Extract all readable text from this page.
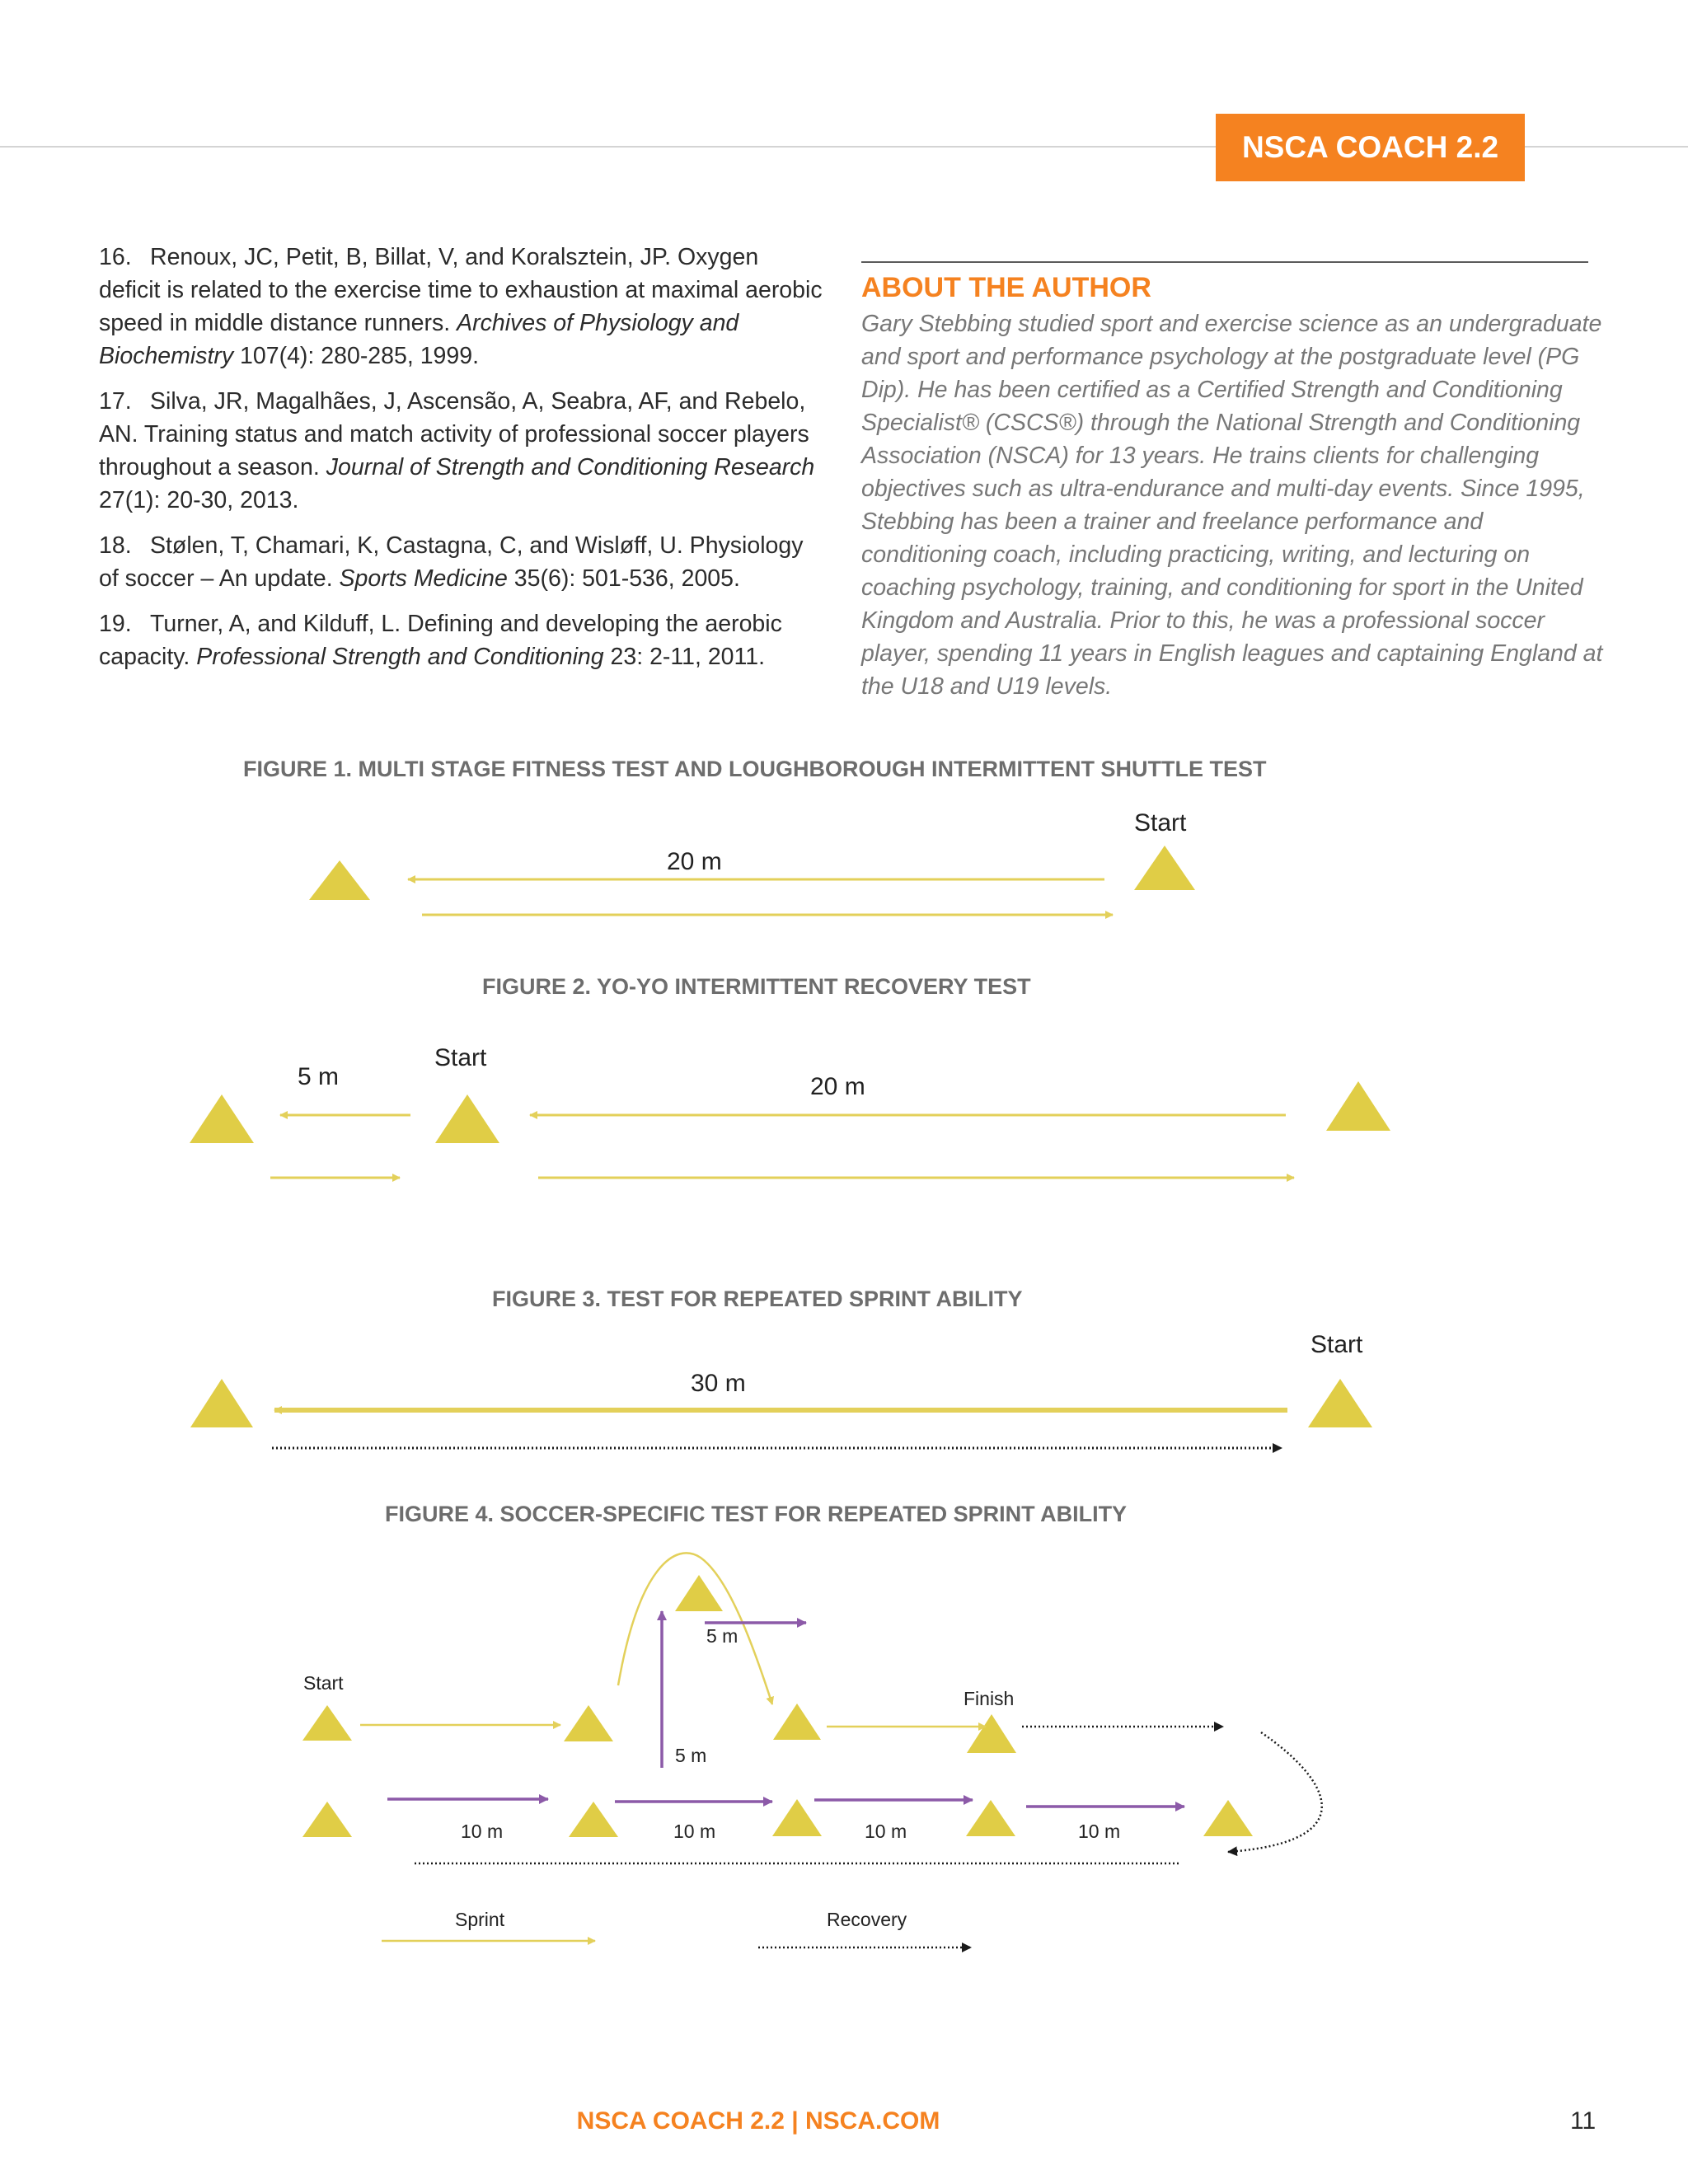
NSCA COACH 2.2

16. Renoux, JC, Petit, B, Billat, V, and Koralsztein, JP. Oxygen deficit is related to the exercise time to exhaustion at maximal aerobic speed in middle distance runners. Archives of Physiology and Biochemistry 107(4): 280-285, 1999.

17. Silva, JR, Magalhães, J, Ascensão, A, Seabra, AF, and Rebelo, AN. Training status and match activity of professional soccer players throughout a season. Journal of Strength and Conditioning Research 27(1): 20-30, 2013.

18. Stølen, T, Chamari, K, Castagna, C, and Wisløff, U. Physiology of soccer – An update. Sports Medicine 35(6): 501-536, 2005.

19. Turner, A, and Kilduff, L. Defining and developing the aerobic capacity. Professional Strength and Conditioning 23: 2-11, 2011.

ABOUT THE AUTHOR
Gary Stebbing studied sport and exercise science as an undergraduate and sport and performance psychology at the postgraduate level (PG Dip). He has been certified as a Certified Strength and Conditioning Specialist® (CSCS®) through the National Strength and Conditioning Association (NSCA) for 13 years. He trains clients for challenging objectives such as ultra-endurance and multi-day events. Since 1995, Stebbing has been a trainer and freelance performance and conditioning coach, including practicing, writing, and lecturing on coaching psychology, training, and conditioning for sport in the United Kingdom and Australia. Prior to this, he was a professional soccer player, spending 11 years in English leagues and captaining England at the U18 and U19 levels.
FIGURE 1. MULTI STAGE FITNESS TEST AND LOUGHBOROUGH INTERMITTENT SHUTTLE TEST
FIGURE 2. YO-YO INTERMITTENT RECOVERY TEST
FIGURE 3. TEST FOR REPEATED SPRINT ABILITY
FIGURE 4. SOCCER-SPECIFIC TEST FOR REPEATED SPRINT ABILITY
Start
20 m
Start
5 m	20 m
Start
30 m
Start
Finish
5 m
5 m
10 m	10 m	10 m	10 m
Sprint	Recovery
NSCA COACH 2.2 | NSCA.COM	11
